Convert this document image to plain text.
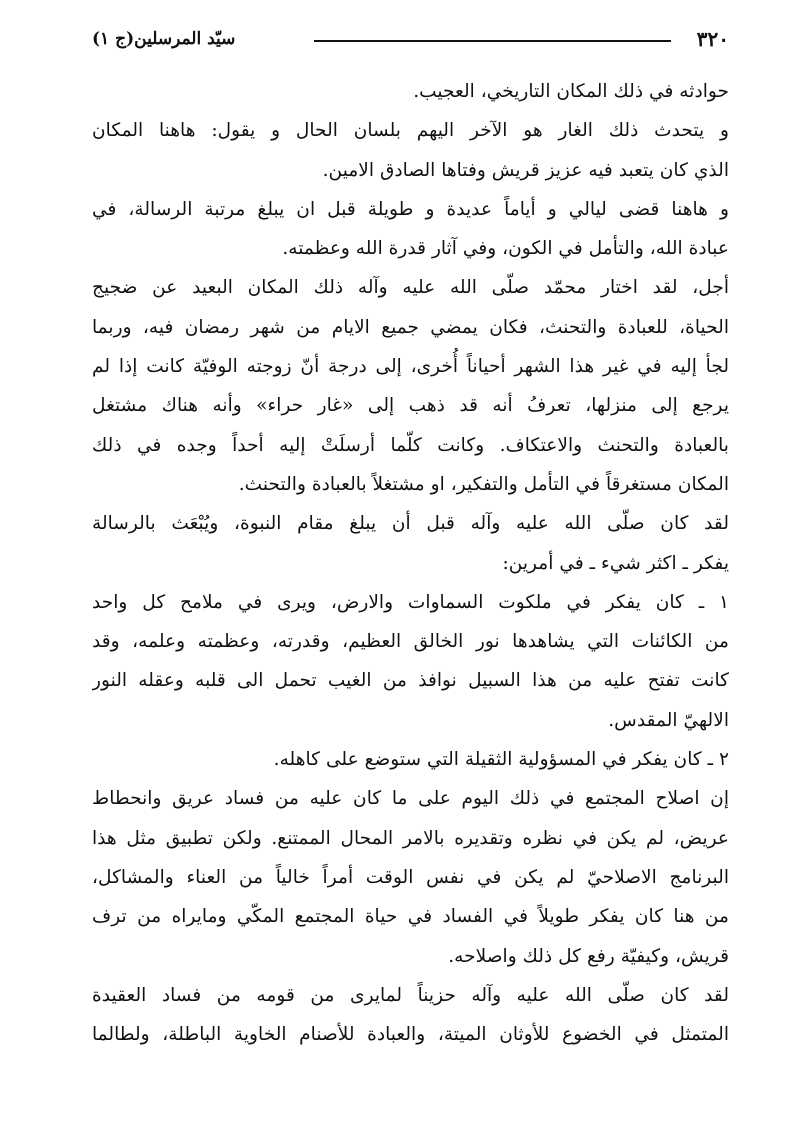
٣٢٠
سيّد المرسلين(ج ١)
حوادثه في ذلك المكان التاريخي، العجيب.
و يتحدث ذلك الغار هو الآخر اليهم بلسان الحال و يقول: هاهنا المكان
الذي كان يتعبد فيه عزيز قريش وفتاها الصادق الامين.
و هاهنا قضى ليالي و أياماً عديدة و طويلة قبل ان يبلغ مرتبة الرسالة، في
عبادة الله، والتأمل في الكون، وفي آثار قدرة الله وعظمته.
أجل، لقد اختار محمّد صلّى الله عليه وآله ذلك المكان البعيد عن ضجيج
الحياة، للعبادة والتحنث، فكان يمضي جميع الايام من شهر رمضان فيه، وربما
لجأ إليه في غير هذا الشهر أحياناً أُخرى، إلى درجة أنّ زوجته الوفيّة كانت إذا لم
يرجع إلى منزلها، تعرفُ أنه قد ذهب إلى «غار حراء» وأنه هناك مشتغل
بالعبادة والتحنث والاعتكاف. وكانت كلّما أرسلَتْ إليه أحداً وجده في ذلك
المكان مستغرقاً في التأمل والتفكير، او مشتغلاً بالعبادة والتحنث.
لقد كان صلّى الله عليه وآله قبل أن يبلغ مقام النبوة، ويُبْعَث بالرسالة
يفكر ـ اكثر شيء ـ في أمرين:
١ ـ كان يفكر في ملكوت السماوات والارض، ويرى في ملامح كل واحد
من الكائنات التي يشاهدها نور الخالق العظيم، وقدرته، وعظمته وعلمه، وقد
كانت تفتح عليه من هذا السبيل نوافذ من الغيب تحمل الى قلبه وعقله النور
الالهيّ المقدس.
٢ ـ كان يفكر في المسؤولية الثقيلة التي ستوضع على كاهله.
إن اصلاح المجتمع في ذلك اليوم على ما كان عليه من فساد عريق وانحطاط
عريض، لم يكن في نظره وتقديره بالامر المحال الممتنع. ولكن تطبيق مثل هذا
البرنامج الاصلاحيّ لم يكن في نفس الوقت أمراً خالياً من العناء والمشاكل،
من هنا كان يفكر طويلاً في الفساد في حياة المجتمع المكّي ومايراه من ترف
قريش، وكيفيّة رفع كل ذلك واصلاحه.
لقد كان صلّى الله عليه وآله حزيناً لمايرى من قومه من فساد العقيدة
المتمثل في الخضوع للأوثان الميتة، والعبادة للأصنام الخاوية الباطلة، ولطالما
